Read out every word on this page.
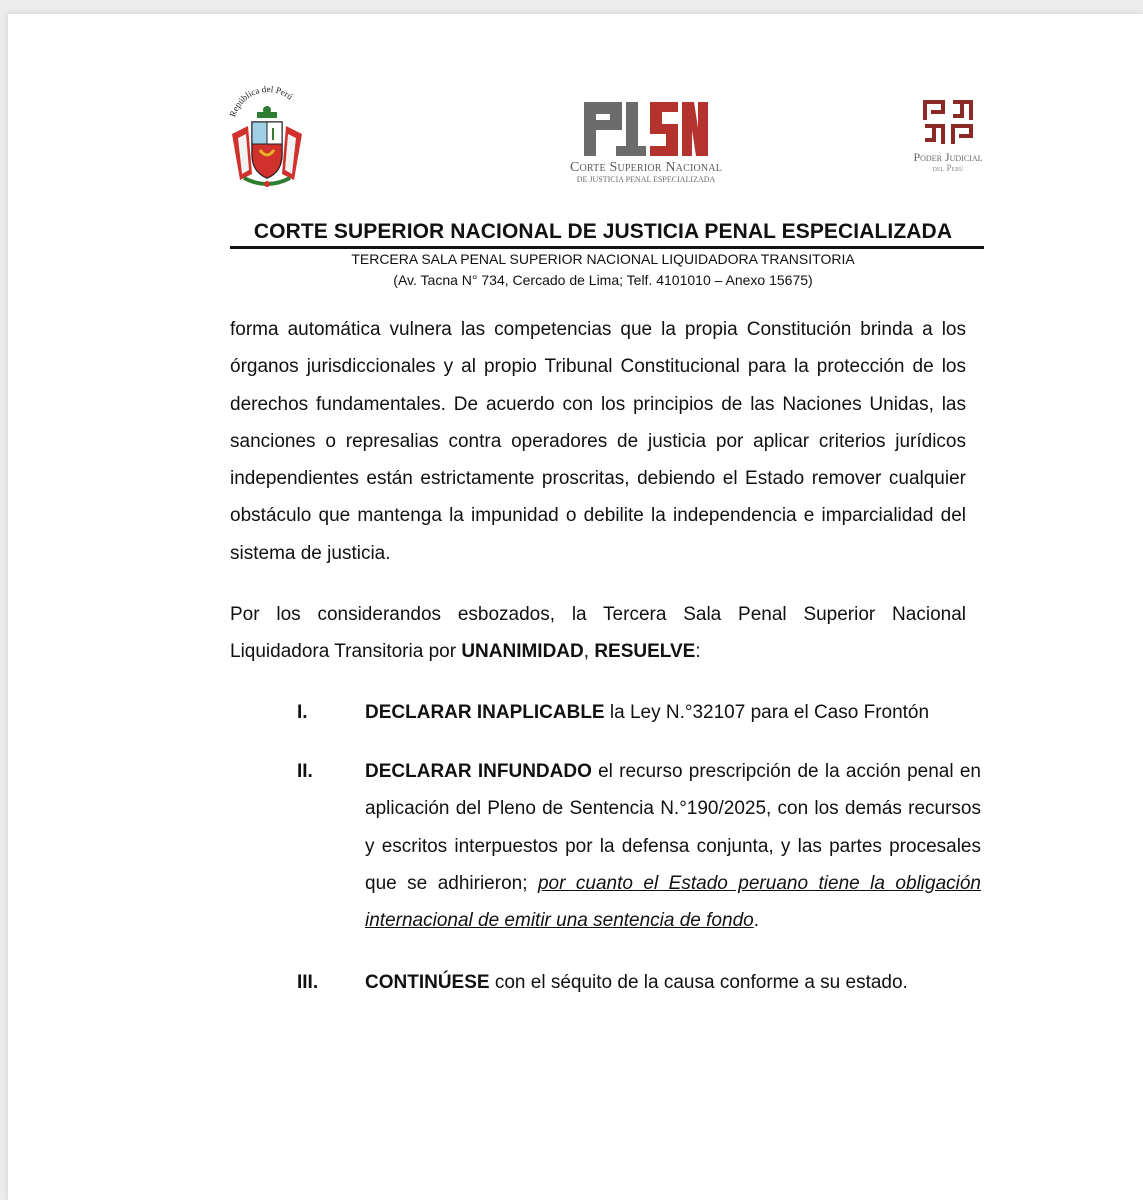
República del Perú
Corte Superior Nacional
DE JUSTICIA PENAL ESPECIALIZADA
Poder Judicial
del Perú
CORTE SUPERIOR NACIONAL DE JUSTICIA PENAL ESPECIALIZADA
TERCERA SALA PENAL SUPERIOR NACIONAL LIQUIDADORA TRANSITORIA
(Av. Tacna N° 734, Cercado de Lima; Telf. 4101010 – Anexo 15675)
forma automática vulnera las competencias que la propia Constitución brinda a los órganos jurisdiccionales y al propio Tribunal Constitucional para la protección de los derechos fundamentales. De acuerdo con los principios de las Naciones Unidas, las sanciones o represalias contra operadores de justicia por aplicar criterios jurídicos independientes están estrictamente proscritas, debiendo el Estado remover cualquier obstáculo que mantenga la impunidad o debilite la independencia e imparcialidad del sistema de justicia.
Por los considerandos esbozados, la Tercera Sala Penal Superior Nacional Liquidadora Transitoria por UNANIMIDAD, RESUELVE:
I.	DECLARAR INAPLICABLE la Ley N.°32107 para el Caso Frontón
II.	DECLARAR INFUNDADO el recurso prescripción de la acción penal en aplicación del Pleno de Sentencia N.°190/2025, con los demás recursos y escritos interpuestos por la defensa conjunta, y las partes procesales que se adhirieron; por cuanto el Estado peruano tiene la obligación internacional de emitir una sentencia de fondo.
III. CONTINÚESE con el séquito de la causa conforme a su estado.
